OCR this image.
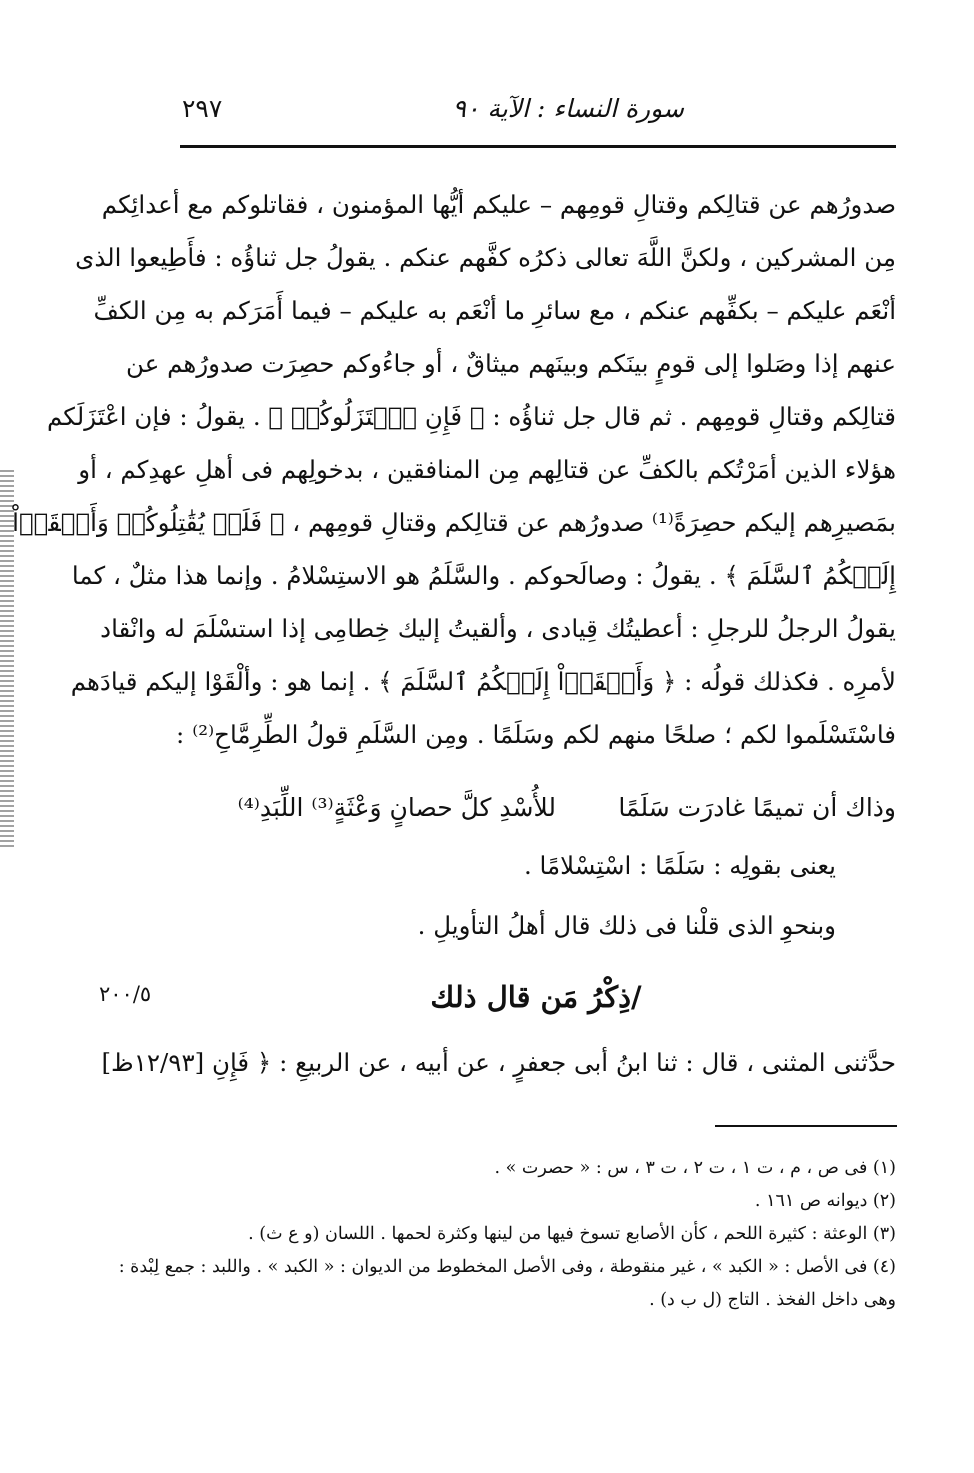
سورة النساء : الآية ٩٠
٢٩٧
صدورُهم عن قتالِكم وقتالِ قومِهم – عليكم أيُّها المؤمنون ، فقاتلوكم مع أعدائِكم
مِن المشركين ، ولكنَّ اللَّهَ تعالى ذكرُه كفَّهم عنكم . يقولُ جل ثناؤُه : فأَطِيعوا الذى
أنْعَم عليكم – بكفِّهم عنكم ، مع سائرِ ما أنْعَم به عليكم – فيما أَمَرَكم به مِن الكفِّ
عنهم إذا وصَلوا إلى قومٍ بينَكم وبينَهم ميثاقٌ ، أو جاءُوكم حصِرَت صدورُهم عن
قتالِكم وقتالِ قومِهم . ثم قال جل ثناؤُه : ﴿ فَإِنِ ٱعۡتَزَلُوكُمۡ ﴾ . يقولُ : فإن اعْتَزَلَكم
هؤلاء الذين أمَرْتُكم بالكفِّ عن قتالِهم مِن المنافقين ، بدخولِهم فى أهلِ عهدِكم ، أو
بمَصيرِهم إليكم حصِرَةً⁽¹⁾ صدورُهم عن قتالِكم وقتالِ قومِهم ، ﴿ فَلَمۡ يُقَٰتِلُوكُمۡ وَأَلۡقَوۡاْ
إِلَيۡكُمُ ٱلسَّلَمَ ﴾ . يقولُ : وصالَحوكم . والسَّلَمُ هو الاستِسْلامُ . وإنما هذا مثلٌ ، كما
يقولُ الرجلُ للرجلِ : أعطيتُك قِيادى ، وألقيتُ إليك خِطامِى إذا استسْلَمَ له وانْقاد
لأمرِه . فكذلك قولُه : ﴿ وَأَلۡقَوۡاْ إِلَيۡكُمُ ٱلسَّلَمَ ﴾ . إنما هو : وألْقَوْا إليكم قيادَهم
فاسْتَسْلَموا لكم ؛ صلحًا منهم لكم وسَلَمًا . ومِن السَّلَمِ قولُ الطِّرِمَّاحِ⁽²⁾ :
وذاك أن تميمًا غادرَت سَلَمًا
للأُسْدِ كلَّ حصانٍ وَعْثَةٍ⁽³⁾ اللِّبَدِ⁽⁴⁾
يعنى بقولِه : سَلَمًا : اسْتِسْلامًا .
وبنحوِ الذى قلْنا فى ذلك قال أهلُ التأويلِ .
٢٠٠/٥	/ذِكْرُ مَن قال ذلك
حدَّثنى المثنى ، قال : ثنا ابنُ أبى جعفرٍ ، عن أبيه ، عن الربيعِ : ﴿ فَإِنِ [١٢/٩٣ظ]
(١) فى ص ، م ، ت ١ ، ت ٢ ، ت ٣ ، س : « حصرت » .
(٢) ديوانه ص ١٦١ .
(٣) الوعثة : كثيرة اللحم ، كأن الأصابع تسوخ فيها من لينها وكثرة لحمها . اللسان (و ع ث) .
(٤) فى الأصل : « الكبد » ، غير منقوطة ، وفى الأصل المخطوط من الديوان : « الكبد » . واللبد : جمع لِبْدة :
وهى داخل الفخذ . التاج (ل ب د) .
